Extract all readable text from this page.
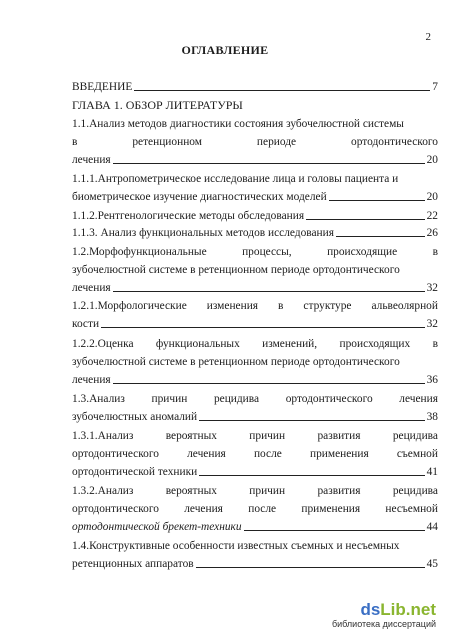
2
ОГЛАВЛЕНИЕ
ВВЕДЕНИЕ	7
ГЛАВА 1. ОБЗОР ЛИТЕРАТУРЫ
1.1.Анализ методов диагностики состояния зубочелюстной системы
в	ретенционном	периоде	ортодонтического
лечения	20
1.1.1.Антропометрическое исследование лица и головы пациента и
биометрическое изучение диагностических моделей	20
1.1.2.Рентгенологические методы обследования	22
1.1.3. Анализ функциональных методов исследования	26
1.2.Морфофункциональные	процессы,	происходящие	в
зубочелюстной системе в ретенционном периоде ортодонтического
лечения	32
1.2.1.Морфологические изменения в структуре альвеолярной
кости	32
1.2.2.Оценка функциональных изменений, происходящих в
зубочелюстной системе в ретенционном периоде ортодонтического
лечения	36
1.3.Анализ причин рецидива ортодонтического лечения
зубочелюстных аномалий	38
1.3.1.Анализ	вероятных	причин	развития	рецидива
ортодонтического лечения после применения съемной
ортодонтической техники	41
1.3.2.Анализ	вероятных	причин	развития	рецидива
ортодонтического лечения после применения несъемной
ортодонтической брекет-техники	44
1.4.Конструктивные особенности известных съемных и несъемных
ретенционных аппаратов	45
dsLib.net
библиотека диссертаций
